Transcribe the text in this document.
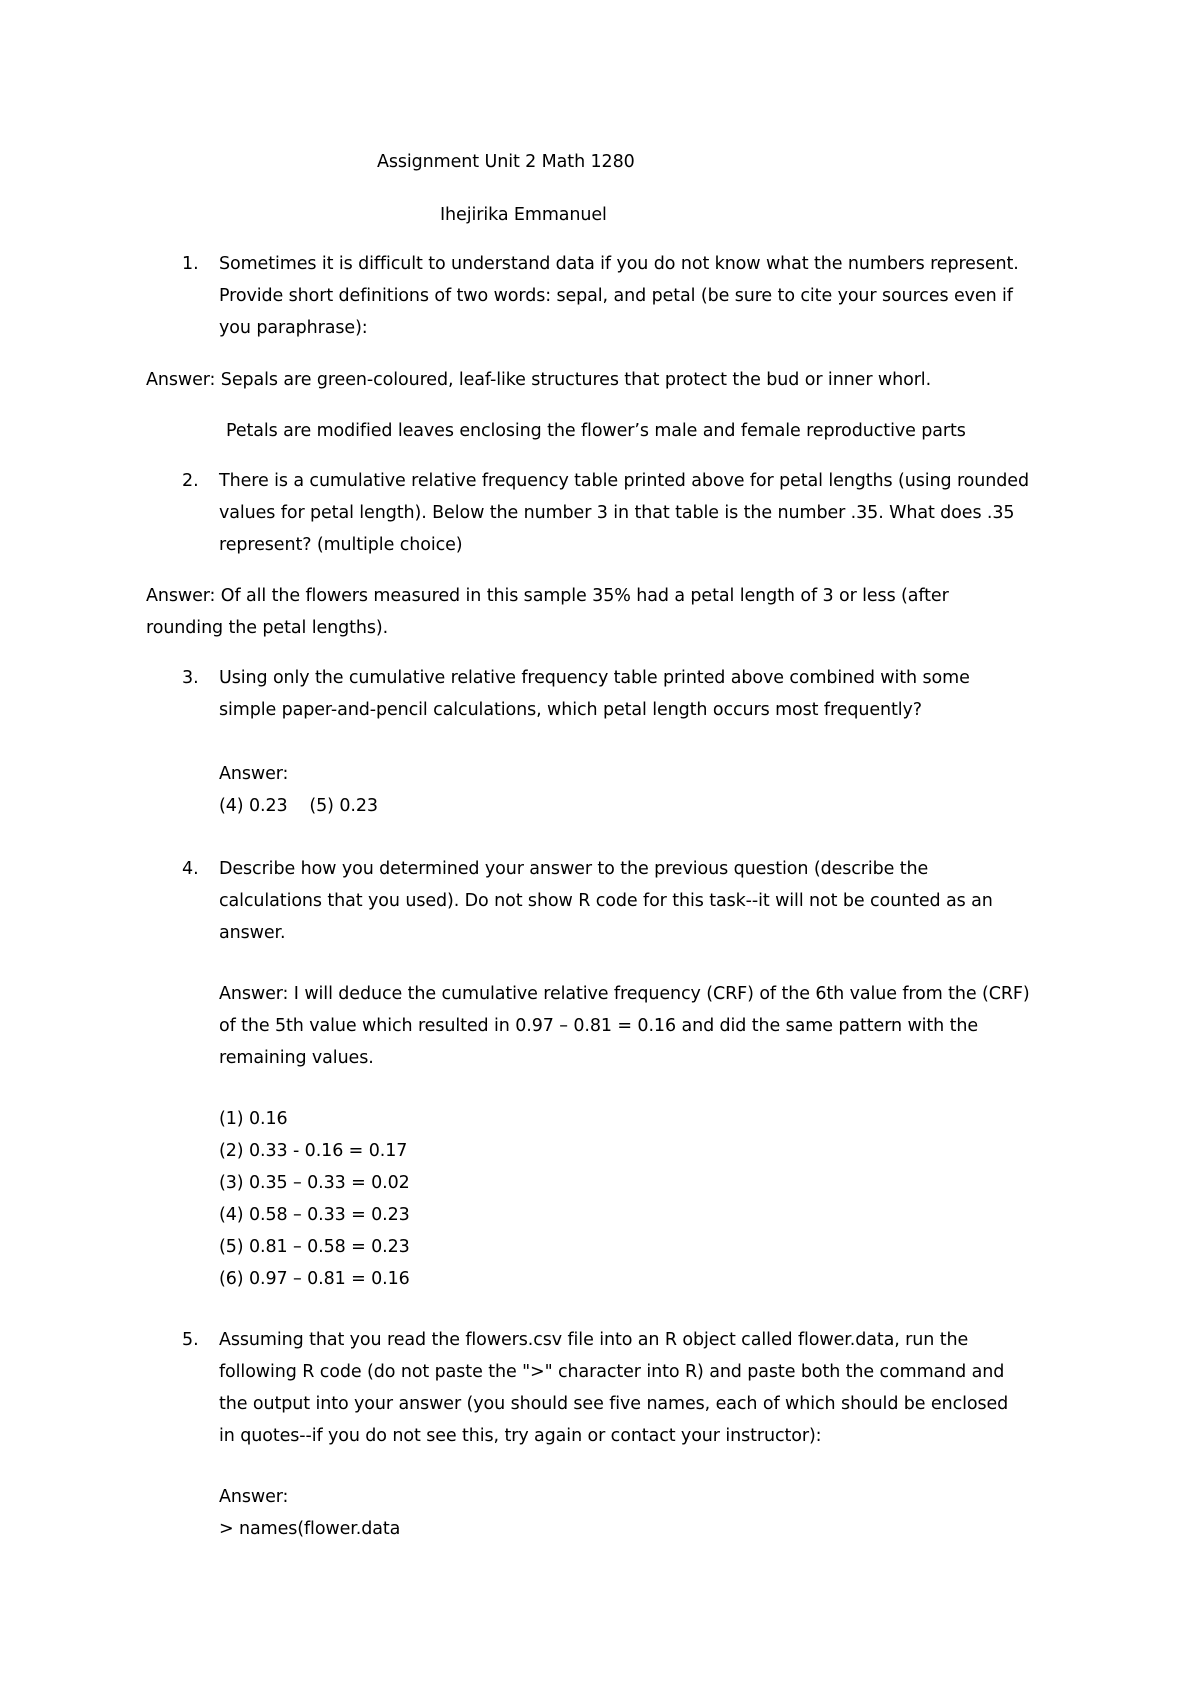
Assignment Unit 2 Math 1280
Ihejirika Emmanuel
1. Sometimes it is difficult to understand data if you do not know what the numbers represent.
Provide short definitions of two words: sepal, and petal (be sure to cite your sources even if
you paraphrase):
Answer: Sepals are green-coloured, leaf-like structures that protect the bud or inner whorl.
Petals are modified leaves enclosing the flower’s male and female reproductive parts
2. There is a cumulative relative frequency table printed above for petal lengths (using rounded
values for petal length). Below the number 3 in that table is the number .35. What does .35
represent? (multiple choice)
Answer: Of all the flowers measured in this sample 35% had a petal length of 3 or less (after
rounding the petal lengths).
3. Using only the cumulative relative frequency table printed above combined with some
simple paper-and-pencil calculations, which petal length occurs most frequently?
Answer:
(4) 0.23    (5) 0.23
4. Describe how you determined your answer to the previous question (describe the
calculations that you used). Do not show R code for this task--it will not be counted as an
answer.
Answer: I will deduce the cumulative relative frequency (CRF) of the 6th value from the (CRF)
of the 5th value which resulted in 0.97 – 0.81 = 0.16 and did the same pattern with the
remaining values.
(1) 0.16
(2) 0.33 - 0.16 = 0.17
(3) 0.35 – 0.33 = 0.02
(4) 0.58 – 0.33 = 0.23
(5) 0.81 – 0.58 = 0.23
(6) 0.97 – 0.81 = 0.16
5. Assuming that you read the flowers.csv file into an R object called flower.data, run the
following R code (do not paste the ">" character into R) and paste both the command and
the output into your answer (you should see five names, each of which should be enclosed
in quotes--if you do not see this, try again or contact your instructor):
Answer:
> names(flower.data
